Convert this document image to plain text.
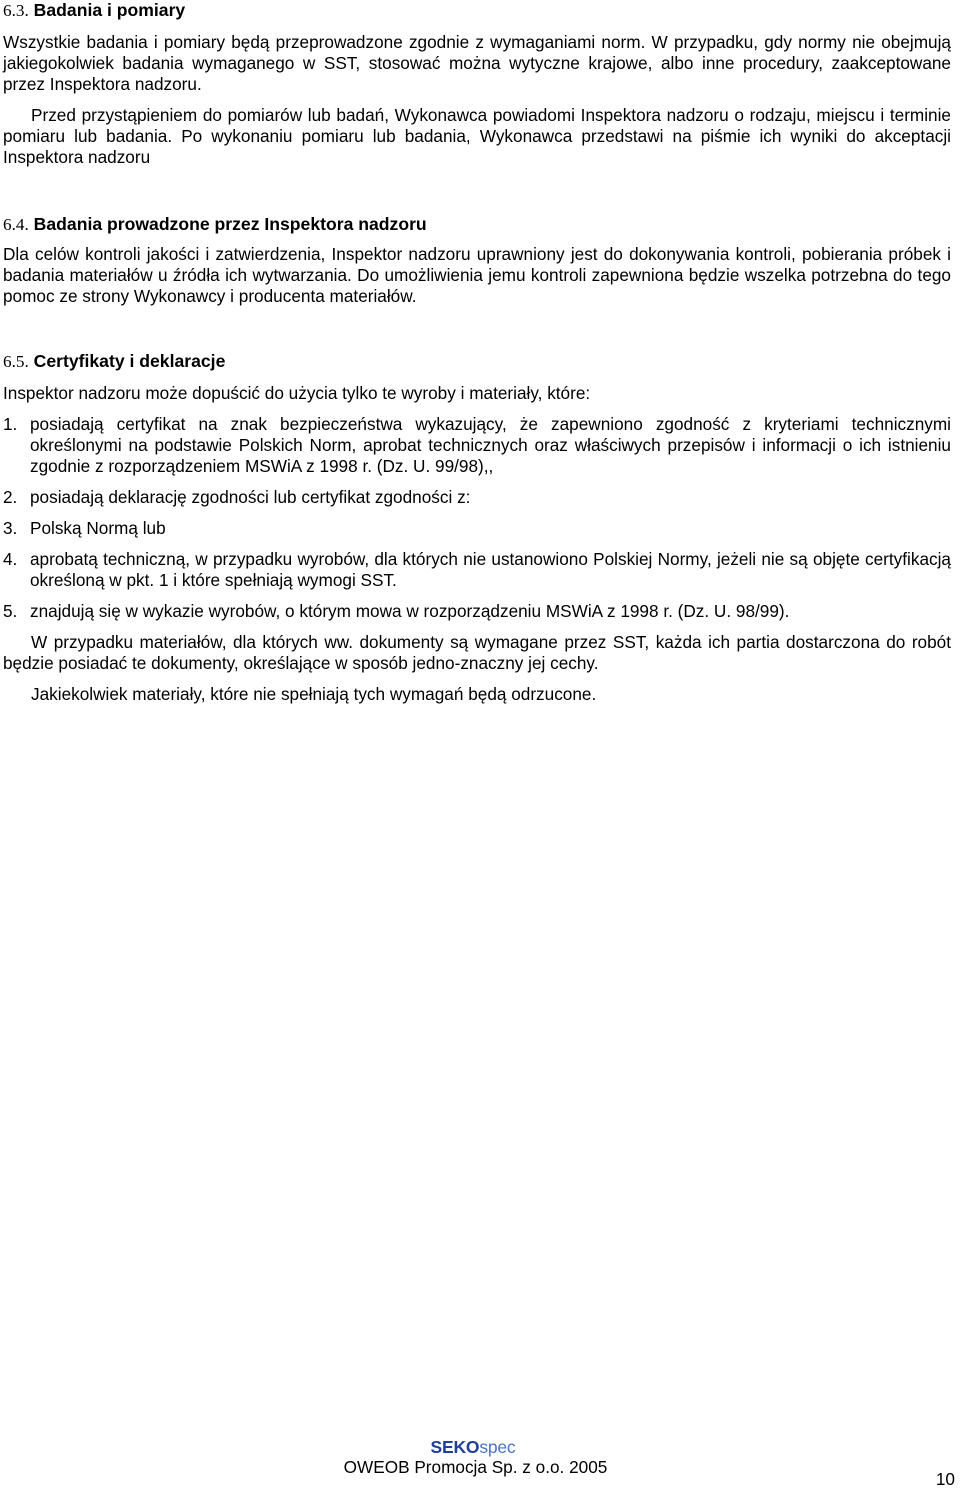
6.3. Badania i pomiary

Wszystkie badania i pomiary będą przeprowadzone zgodnie z wymaganiami norm. W przypadku, gdy normy nie obejmują jakiegokolwiek badania wymaganego w SST, stosować można wytyczne krajowe, albo inne procedury, zaakceptowane przez Inspektora nadzoru.

Przed przystąpieniem do pomiarów lub badań, Wykonawca powiadomi Inspektora nadzoru o rodzaju, miejscu i terminie pomiaru lub badania. Po wykonaniu pomiaru lub badania, Wykonawca przedstawi na piśmie ich wyniki do akceptacji Inspektora nadzoru

6.4. Badania prowadzone przez Inspektora nadzoru

Dla celów kontroli jakości i zatwierdzenia, Inspektor nadzoru uprawniony jest do dokonywania kontroli, pobierania próbek i badania materiałów u źródła ich wytwarzania. Do umożliwienia jemu kontroli zapewniona będzie wszelka potrzebna do tego pomoc ze strony Wykonawcy i producenta materiałów.

6.5. Certyfikaty i deklaracje

Inspektor nadzoru może dopuścić do użycia tylko te wyroby i materiały, które:

1. posiadają certyfikat na znak bezpieczeństwa wykazujący, że zapewniono zgodność z kryteriami technicznymi określonymi na podstawie Polskich Norm, aprobat technicznych oraz właściwych przepisów i informacji o ich istnieniu zgodnie z rozporządzeniem MSWiA z 1998 r. (Dz. U. 99/98),,
2. posiadają deklarację zgodności lub certyfikat zgodności z:
3. Polską Normą lub
4. aprobatą techniczną, w przypadku wyrobów, dla których nie ustanowiono Polskiej Normy, jeżeli nie są objęte certyfikacją określoną w pkt. 1 i które spełniają wymogi SST.
5. znajdują się w wykazie wyrobów, o którym mowa w rozporządzeniu MSWiA z 1998 r. (Dz. U. 98/99).

W przypadku materiałów, dla których ww. dokumenty są wymagane przez SST, każda ich partia dostarczona do robót będzie posiadać te dokumenty, określające w sposób jedno-znaczny jej cechy.

Jakiekolwiek materiały, które nie spełniają tych wymagań będą odrzucone.

SEKOspec
OWEOB Promocja Sp. z o.o. 2005
10
